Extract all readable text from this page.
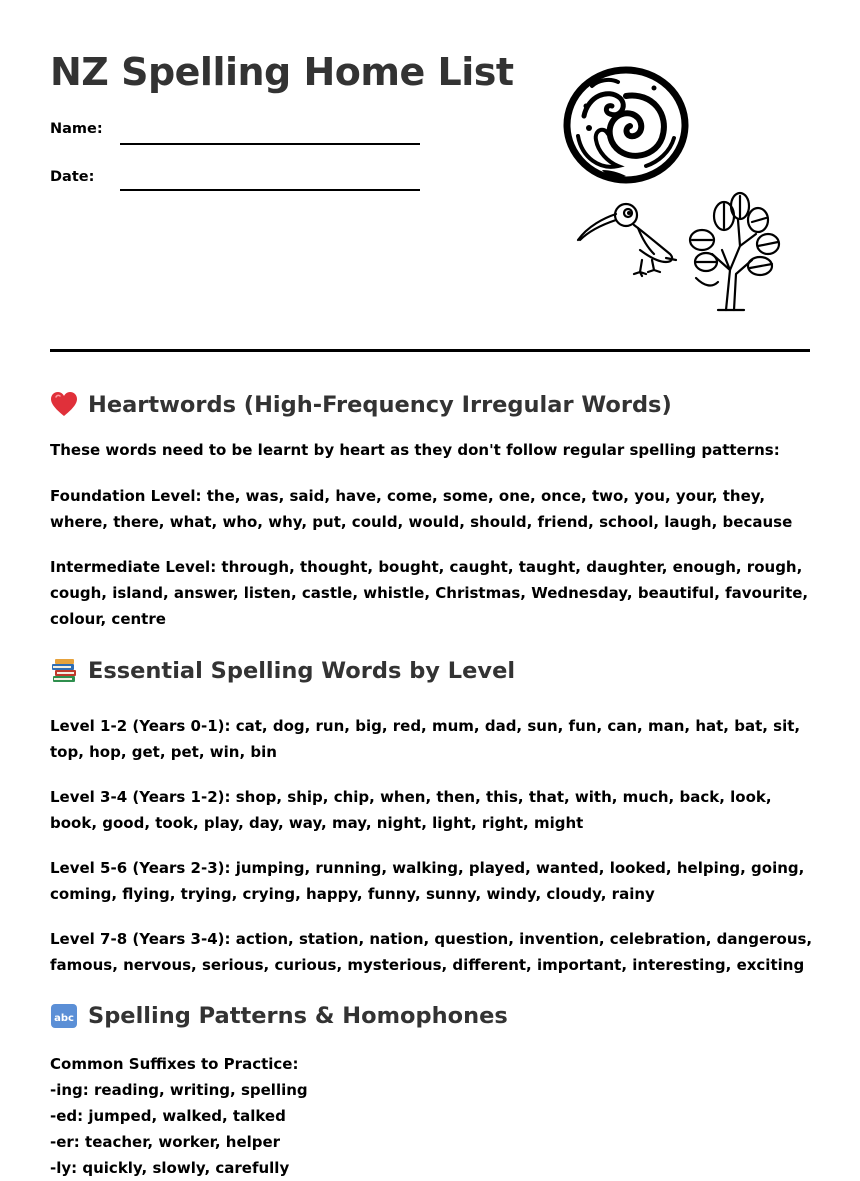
NZ Spelling Home List
Name:
Date:
Heartwords (High-Frequency Irregular Words)

These words need to be learnt by heart as they don't follow regular spelling patterns:

Foundation Level: the, was, said, have, come, some, one, once, two, you, your, they, where, there, what, who, why, put, could, would, should, friend, school, laugh, because

Intermediate Level: through, thought, bought, caught, taught, daughter, enough, rough, cough, island, answer, listen, castle, whistle, Christmas, Wednesday, beautiful, favourite, colour, centre

Essential Spelling Words by Level

Level 1-2 (Years 0-1): cat, dog, run, big, red, mum, dad, sun, fun, can, man, hat, bat, sit, top, hop, get, pet, win, bin

Level 3-4 (Years 1-2): shop, ship, chip, when, then, this, that, with, much, back, look, book, good, took, play, day, way, may, night, light, right, might

Level 5-6 (Years 2-3): jumping, running, walking, played, wanted, looked, helping, going, coming, flying, trying, crying, happy, funny, sunny, windy, cloudy, rainy

Level 7-8 (Years 3-4): action, station, nation, question, invention, celebration, dangerous, famous, nervous, serious, curious, mysterious, different, important, interesting, exciting

abc Spelling Patterns & Homophones

Common Suffixes to Practice:

-ing: reading, writing, spelling

-ed: jumped, walked, talked

-er: teacher, worker, helper

-ly: quickly, slowly, carefully
